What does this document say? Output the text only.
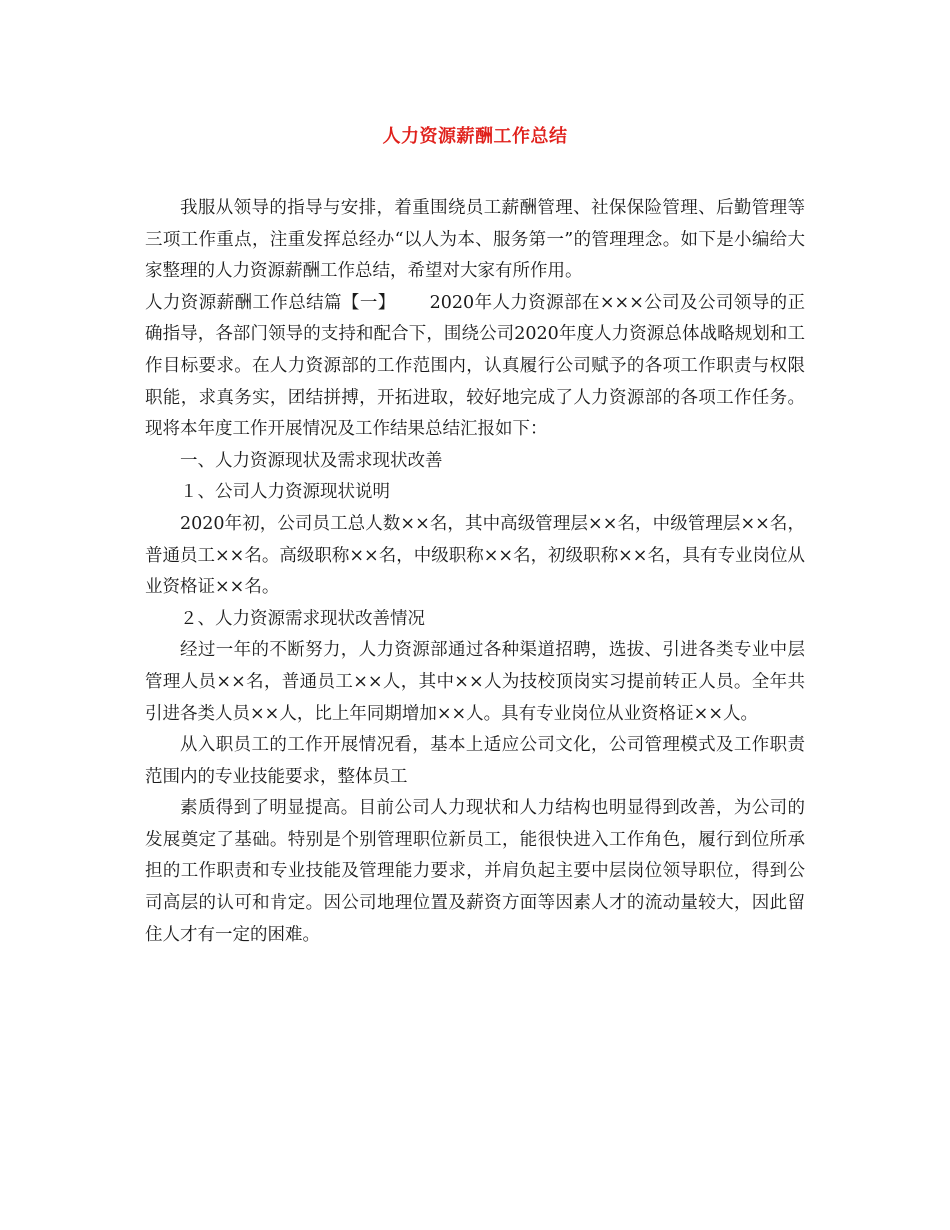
人力资源薪酬工作总结

我服从领导的指导与安排，着重围绕员工薪酬管理、社保保险管理、后勤管理等三项工作重点，注重发挥总经办“以人为本、服务第一”的管理理念。如下是小编给大家整理的人力资源薪酬工作总结，希望对大家有所作用。

人力资源薪酬工作总结篇【一】 2020年人力资源部在×××公司及公司领导的正确指导，各部门领导的支持和配合下，围绕公司2020年度人力资源总体战略规划和工作目标要求。在人力资源部的工作范围内，认真履行公司赋予的各项工作职责与权限职能，求真务实，团结拼搏，开拓进取，较好地完成了人力资源部的各项工作任务。现将本年度工作开展情况及工作结果总结汇报如下：

一、人力资源现状及需求现状改善

１、公司人力资源现状说明

2020年初，公司员工总人数××名，其中高级管理层××名，中级管理层××名，普通员工××名。高级职称××名，中级职称××名，初级职称××名，具有专业岗位从业资格证××名。

２、人力资源需求现状改善情况

经过一年的不断努力，人力资源部通过各种渠道招聘，选拔、引进各类专业中层管理人员××名，普通员工××人，其中××人为技校顶岗实习提前转正人员。全年共引进各类人员××人，比上年同期增加××人。具有专业岗位从业资格证××人。

从入职员工的工作开展情况看，基本上适应公司文化，公司管理模式及工作职责范围内的专业技能要求，整体员工

素质得到了明显提高。目前公司人力现状和人力结构也明显得到改善，为公司的发展奠定了基础。特别是个别管理职位新员工，能很快进入工作角色，履行到位所承担的工作职责和专业技能及管理能力要求，并肩负起主要中层岗位领导职位，得到公司高层的认可和肯定。因公司地理位置及薪资方面等因素人才的流动量较大，因此留住人才有一定的困难。
